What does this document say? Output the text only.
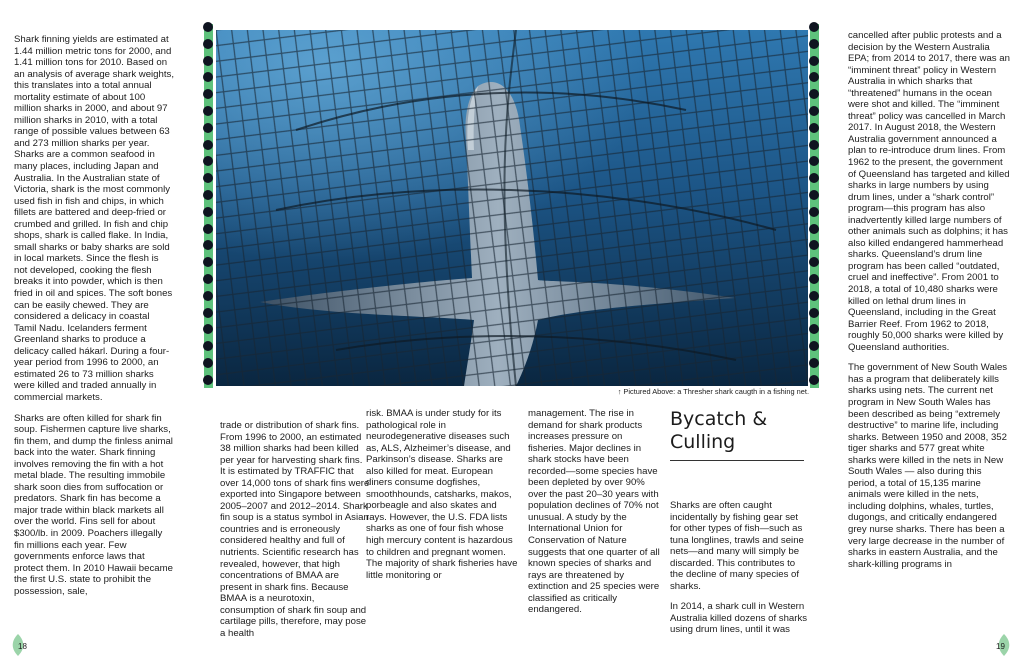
Shark finning yields are estimated at 1.44 million metric tons for 2000, and 1.41 million tons for 2010. Based on an analysis of average shark weights, this translates into a total annual mortality estimate of about 100 million sharks in 2000, and about 97 million sharks in 2010, with a total range of possible values between 63 and 273 million sharks per year. Sharks are a common seafood in many places, including Japan and Australia. In the Australian state of Victoria, shark is the most commonly used fish in fish and chips, in which fillets are battered and deep-fried or crumbed and grilled. In fish and chip shops, shark is called flake. In India, small sharks or baby sharks are sold in local markets. Since the flesh is not developed, cooking the flesh breaks it into powder, which is then fried in oil and spices. The soft bones can be easily chewed. They are considered a delicacy in coastal Tamil Nadu. Icelanders ferment Greenland sharks to produce a delicacy called hákarl. During a four-year period from 1996 to 2000, an estimated 26 to 73 million sharks were killed and traded annually in commercial markets.

Sharks are often killed for shark fin soup. Fishermen capture live sharks, fin them, and dump the finless animal back into the water. Shark finning involves removing the fin with a hot metal blade. The resulting immobile shark soon dies from suffocation or predators. Shark fin has become a major trade within black markets all over the world. Fins sell for about $300/lb. in 2009. Poachers illegally fin millions each year. Few governments enforce laws that protect them. In 2010 Hawaii became the first U.S. state to prohibit the possession, sale,

trade or distribution of shark fins. From 1996 to 2000, an estimated 38 million sharks had been killed per year for harvesting shark fins. It is estimated by TRAFFIC that over 14,000 tons of shark fins were exported into Singapore between 2005–2007 and 2012–2014. Shark fin soup is a status symbol in Asian countries and is erroneously considered healthy and full of nutrients. Scientific research has revealed, however, that high concentrations of BMAA are present in shark fins. Because BMAA is a neurotoxin, consumption of shark fin soup and cartilage pills, therefore, may pose a health

risk. BMAA is under study for its pathological role in neurodegenerative diseases such as, ALS, Alzheimer’s disease, and Parkinson’s disease. Sharks are also killed for meat. European diners consume dogfishes, smoothhounds, catsharks, makos, porbeagle and also skates and rays. However, the U.S. FDA lists sharks as one of four fish whose high mercury content is hazardous to children and pregnant women. The majority of shark fisheries have little monitoring or

management. The rise in demand for shark products increases pressure on fisheries. Major declines in shark stocks have been recorded—some species have been depleted by over 90% over the past 20–30 years with population declines of 70% not unusual. A study by the International Union for Conservation of Nature suggests that one quarter of all known species of sharks and rays are threatened by extinction and 25 species were classified as critically endangered.

Bycatch & Culling

Sharks are often caught incidentally by fishing gear set for other types of fish—such as tuna longlines, trawls and seine nets—and many will simply be discarded. This contributes to the decline of many species of sharks.

In 2014, a shark cull in Western Australia killed dozens of sharks using drum lines, until it was

cancelled after public protests and a decision by the Western Australia EPA; from 2014 to 2017, there was an “imminent threat” policy in Western Australia in which sharks that “threatened” humans in the ocean were shot and killed. The “imminent threat” policy was cancelled in March 2017. In August 2018, the Western Australia government announced a plan to re-introduce drum lines. From 1962 to the present, the government of Queensland has targeted and killed sharks in large numbers by using drum lines, under a “shark control” program—this program has also inadvertently killed large numbers of other animals such as dolphins; it has also killed endangered hammerhead sharks. Queensland’s drum line program has been called “outdated, cruel and ineffective”. From 2001 to 2018, a total of 10,480 sharks were killed on lethal drum lines in Queensland, including in the Great Barrier Reef. From 1962 to 2018, roughly 50,000 sharks were killed by Queensland authorities.

The government of New South Wales has a program that deliberately kills sharks using nets. The current net program in New South Wales has been described as being “extremely destructive” to marine life, including sharks. Between 1950 and 2008, 352 tiger sharks and 577 great white sharks were killed in the nets in New South Wales — also during this period, a total of 15,135 marine animals were killed in the nets, including dolphins, whales, turtles, dugongs, and critically endangered grey nurse sharks. There has been a very large decrease in the number of sharks in eastern Australia, and the shark-killing programs in

↑ Pictured Above: a Thresher shark caugth in a fishing net.
18	19
